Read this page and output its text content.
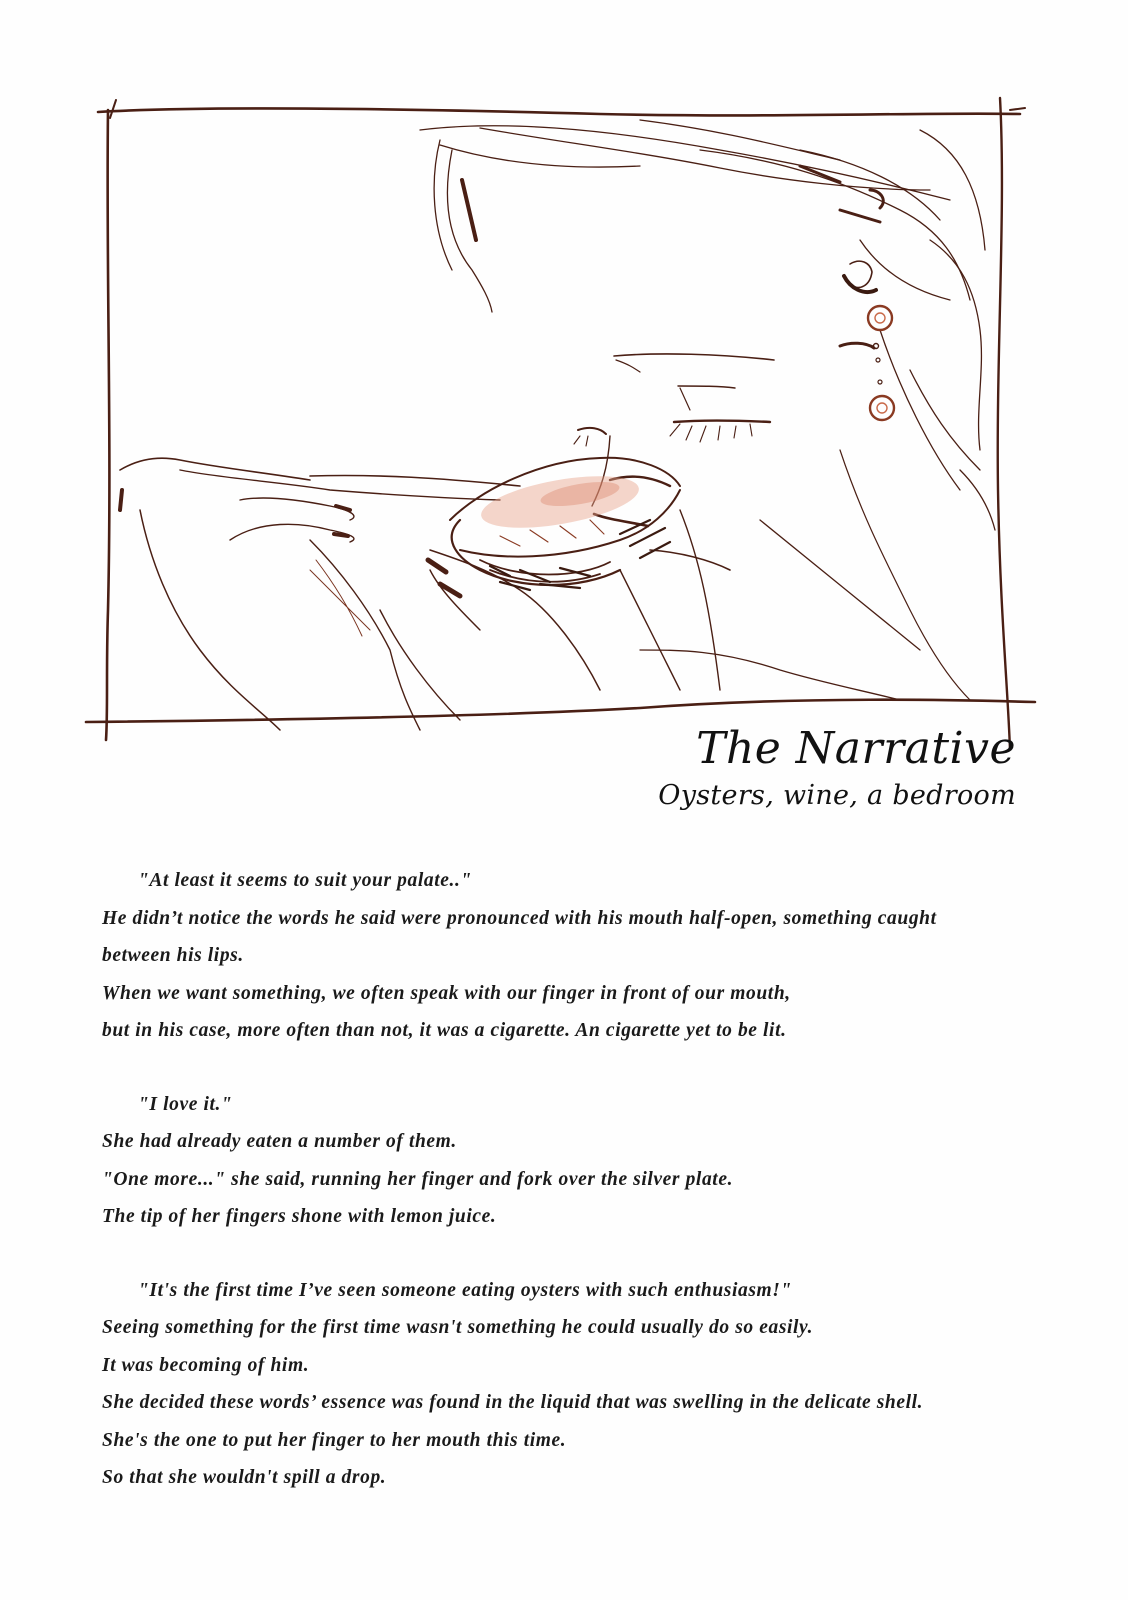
The Narrative
Oysters, wine, a bedroom
"At least it seems to suit your palate.."
He didn’t notice the words he said were pronounced with his mouth half-open, something caught
between his lips.
When we want something, we often speak with our finger in front of our mouth,
but in his case, more often than not, it was a cigarette. An cigarette yet to be lit.
"I love it."
She had already eaten a number of them.
"One more..." she said, running her finger and fork over the silver plate.
The tip of her fingers shone with lemon juice.
"It's the first time I’ve seen someone eating oysters with such enthusiasm!"
Seeing something for the first time wasn't something he could usually do so easily.
It was becoming of him.
She decided these words’ essence was found in the liquid that was swelling in the delicate shell.
She's the one to put her finger to her mouth this time.
So that she wouldn't spill a drop.
